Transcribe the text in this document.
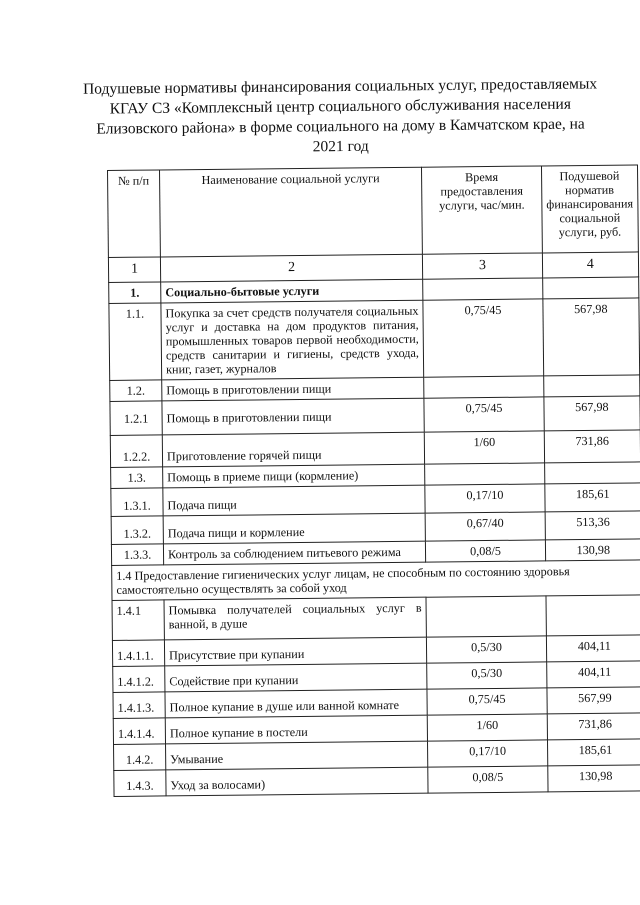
Подушевые нормативы финансирования социальных услуг, предоставляемых
КГАУ СЗ «Комплексный центр социального обслуживания населения
Елизовского района» в форме социального на дому в Камчатском крае, на
2021 год
№ п/п	Наименование социальной услуги	Время предоставления услуги, час/мин.	Подушевой норматив финансирования социальной услуги, руб.
1	2	3	4
1.	Социально-бытовые услуги		
1.1.	Покупка за счет средств получателя социальных услуг и доставка на дом продуктов питания, промышленных товаров первой необходимости, средств санитарии и гигиены, средств ухода, книг, газет, журналов	0,75/45	567,98
1.2.	Помощь в приготовлении пищи		
1.2.1	Помощь в приготовлении пищи	0,75/45	567,98
1.2.2.	Приготовление горячей пищи	1/60	731,86
1.3.	Помощь в приеме пищи (кормление)		
1.3.1.	Подача пищи	0,17/10	185,61
1.3.2.	Подача пищи и кормление	0,67/40	513,36
1.3.3.	Контроль за соблюдением питьевого режима	0,08/5	130,98
1.4 Предоставление гигиенических услуг лицам, не способным по состоянию здоровья самостоятельно осуществлять за собой уход			
1.4.1	Помывка получателей социальных услуг в ванной, в душе		
1.4.1.1.	Присутствие при купании	0,5/30	404,11
1.4.1.2.	Содействие при купании	0,5/30	404,11
1.4.1.3.	Полное купание в душе или ванной комнате	0,75/45	567,99
1.4.1.4.	Полное купание в постели	1/60	731,86
1.4.2.	Умывание	0,17/10	185,61
1.4.3.	Уход за волосами)	0,08/5	130,98
